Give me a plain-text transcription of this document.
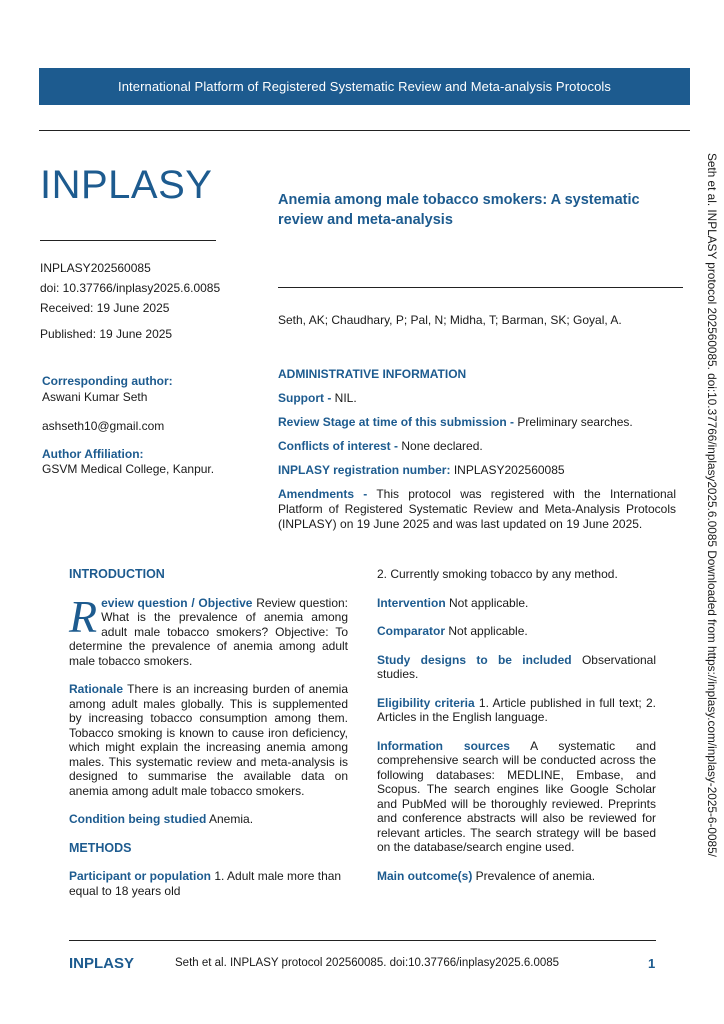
International Platform of Registered Systematic Review and Meta-analysis Protocols
INPLASY
INPLASY202560085
doi: 10.37766/inplasy2025.6.0085
Received: 19 June 2025
Published: 19 June 2025
Anemia among male tobacco smokers: A systematic review and meta-analysis
Seth, AK; Chaudhary, P; Pal, N; Midha, T; Barman, SK; Goyal, A.
Corresponding author:
Aswani Kumar Seth
ashseth10@gmail.com
Author Affiliation:
GSVM Medical College, Kanpur.
ADMINISTRATIVE INFORMATION

Support - NIL.

Review Stage at time of this submission - Preliminary searches.

Conflicts of interest - None declared.

INPLASY registration number: INPLASY202560085

Amendments - This protocol was registered with the International Platform of Registered Systematic Review and Meta-Analysis Protocols (INPLASY) on 19 June 2025 and was last updated on 19 June 2025.

INTRODUCTION

Review question / Objective Review question: What is the prevalence of anemia among adult male tobacco smokers? Objective: To determine the prevalence of anemia among adult male tobacco smokers.

Rationale There is an increasing burden of anemia among adult males globally. This is supplemented by increasing tobacco consumption among them. Tobacco smoking is known to cause iron deficiency, which might explain the increasing anemia among males. This systematic review and meta-analysis is designed to summarise the available data on anemia among adult male tobacco smokers.

Condition being studied Anemia.

METHODS

Participant or population 1. Adult male more than equal to 18 years old

2. Currently smoking tobacco by any method.

Intervention Not applicable.

Comparator Not applicable.

Study designs to be included Observational studies.

Eligibility criteria 1. Article published in full text; 2. Articles in the English language.

Information sources A systematic and comprehensive search will be conducted across the following databases: MEDLINE, Embase, and Scopus. The search engines like Google Scholar and PubMed will be thoroughly reviewed. Preprints and conference abstracts will also be reviewed for relevant articles. The search strategy will be based on the database/search engine used.

Main outcome(s) Prevalence of anemia.

INPLASY	Seth et al. INPLASY protocol 202560085. doi:10.37766/inplasy2025.6.0085	1
Seth et al. INPLASY protocol 202560085. doi:10.37766/inplasy2025.6.0085 Downloaded from https://inplasy.com/inplasy-2025-6-0085/
